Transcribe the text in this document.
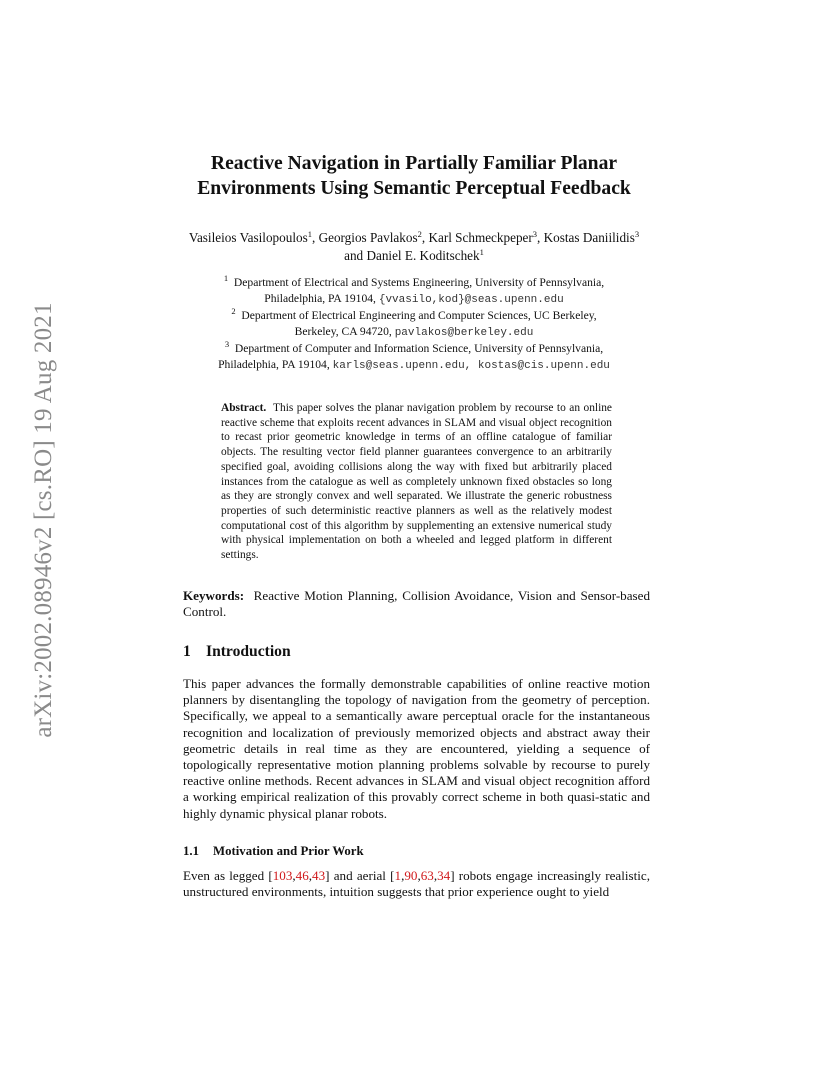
arXiv:2002.08946v2 [cs.RO] 19 Aug 2021
Reactive Navigation in Partially Familiar Planar
Environments Using Semantic Perceptual Feedback
Vasileios Vasilopoulos$^1$, Georgios Pavlakos$^2$, Karl Schmeckpeper$^3$, Kostas Daniilidis$^3$
and Daniel E. Koditschek$^1$
$^1$ Department of Electrical and Systems Engineering, University of Pennsylvania,
Philadelphia, PA 19104, {vvasilo,kod}@seas.upenn.edu
$^2$ Department of Electrical Engineering and Computer Sciences, UC Berkeley,
Berkeley, CA 94720, pavlakos@berkeley.edu
$^3$ Department of Computer and Information Science, University of Pennsylvania,
Philadelphia, PA 19104, karls@seas.upenn.edu, kostas@cis.upenn.edu
Abstract. This paper solves the planar navigation problem by recourse to an online reactive scheme that exploits recent advances in SLAM and visual object recognition to recast prior geometric knowledge in terms of an offline catalogue of familiar objects. The resulting vector field planner guarantees convergence to an arbitrarily specified goal, avoiding collisions along the way with fixed but arbitrarily placed instances from the catalogue as well as completely unknown fixed obstacles so long as they are strongly convex and well separated. We illustrate the generic robustness properties of such deterministic reactive planners as well as the relatively modest computational cost of this algorithm by supplementing an extensive numerical study with physical implementation on both a wheeled and legged platform in different settings.
Keywords: Reactive Motion Planning, Collision Avoidance, Vision and Sensor-based Control.
1 Introduction
This paper advances the formally demonstrable capabilities of online reactive motion planners by disentangling the topology of navigation from the geometry of perception. Specifically, we appeal to a semantically aware perceptual oracle for the instantaneous recognition and localization of previously memorized objects and abstract away their geometric details in real time as they are encountered, yielding a sequence of topologically representative motion planning problems solvable by recourse to purely reactive online methods. Recent advances in SLAM and visual object recognition afford a working empirical realization of this provably correct scheme in both quasi-static and highly dynamic physical planar robots.
1.1 Motivation and Prior Work
Even as legged [103,46,43] and aerial [1,90,63,34] robots engage increasingly realistic, unstructured environments, intuition suggests that prior experience ought to yield
